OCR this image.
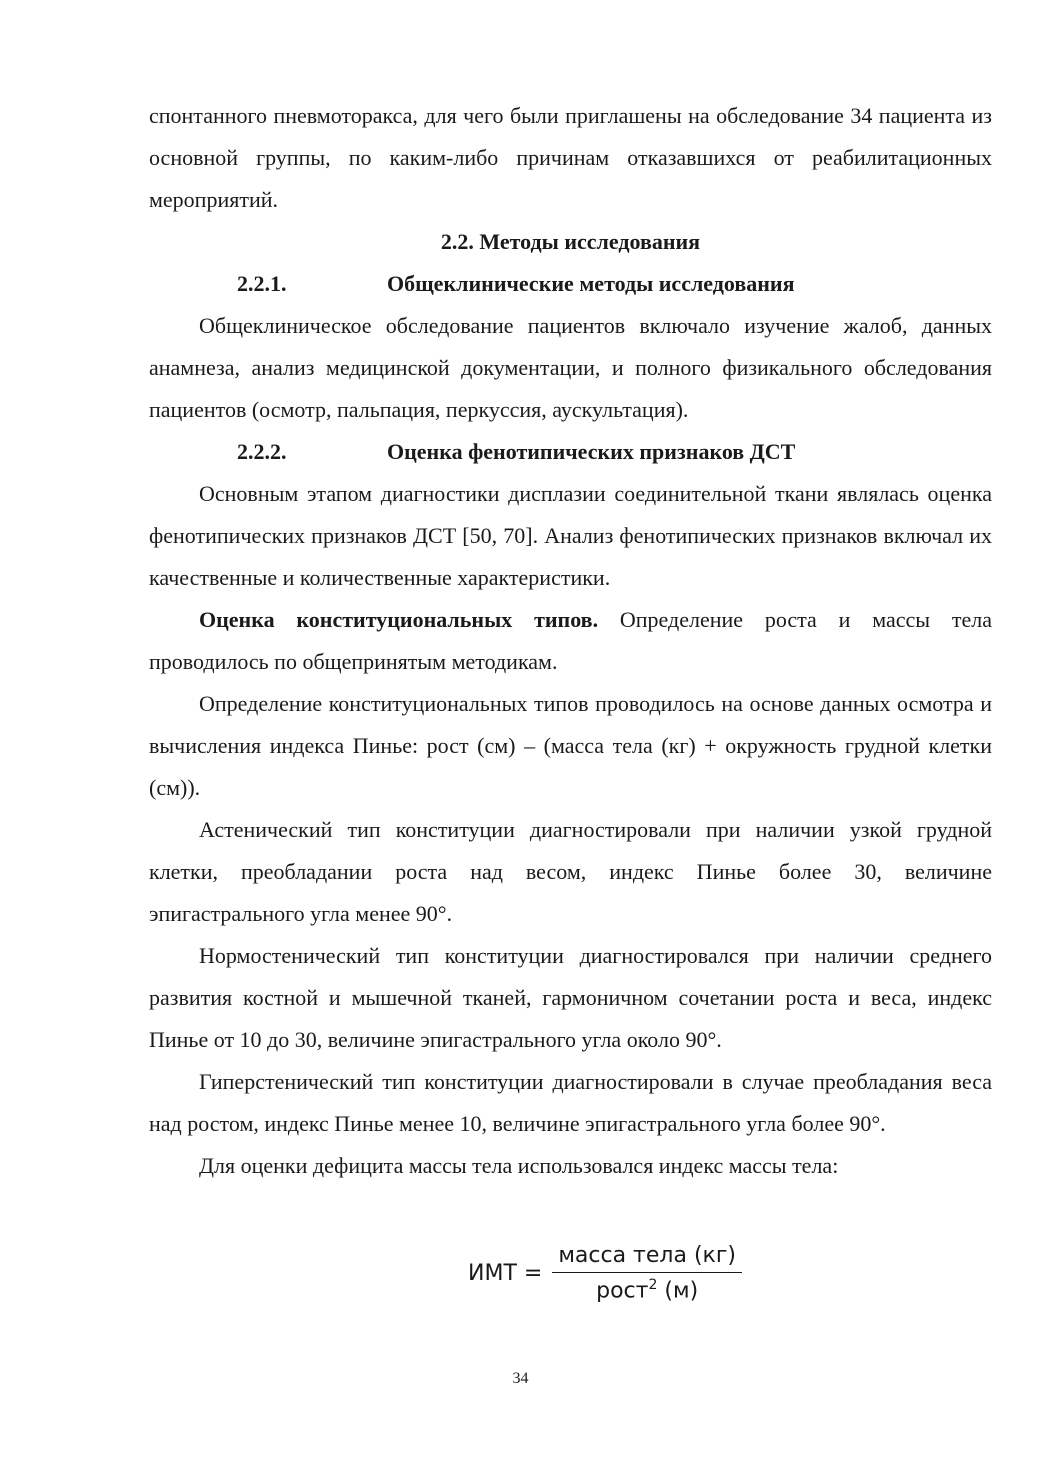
спонтанного пневмоторакса, для чего были приглашены на обследование 34 пациента из основной группы, по каким-либо причинам отказавшихся от реабилитационных мероприятий.

2.2. Методы исследования

2.2.1.	Общеклинические методы исследования

Общеклиническое обследование пациентов включало изучение жалоб, данных анамнеза, анализ медицинской документации, и полного физикального обследования пациентов (осмотр, пальпация, перкуссия, аускультация).

2.2.2.	Оценка фенотипических признаков ДСТ

Основным этапом диагностики дисплазии соединительной ткани являлась оценка фенотипических признаков ДСТ [50, 70]. Анализ фенотипических признаков включал их качественные и количественные характеристики.

Оценка конституциональных типов. Определение роста и массы тела проводилось по общепринятым методикам.

Определение конституциональных типов проводилось на основе данных осмотра и вычисления индекса Пинье: рост (см) – (масса тела (кг) + окружность грудной клетки (см)).

Астенический тип конституции диагностировали при наличии узкой грудной клетки, преобладании роста над весом, индекс Пинье более 30, величине эпигастрального угла менее 90°.

Нормостенический тип конституции диагностировался при наличии среднего развития костной и мышечной тканей, гармоничном сочетании роста и веса, индекс Пинье от 10 до 30, величине эпигастрального угла около 90°.

Гиперстенический тип конституции диагностировали в случае преобладания веса над ростом, индекс Пинье менее 10, величине эпигастрального угла более 90°.

Для оценки дефицита массы тела использовался индекс массы тела:

ИМТ = $\frac{\text{масса тела (кг)}}{рост^2 (м)}$
34
